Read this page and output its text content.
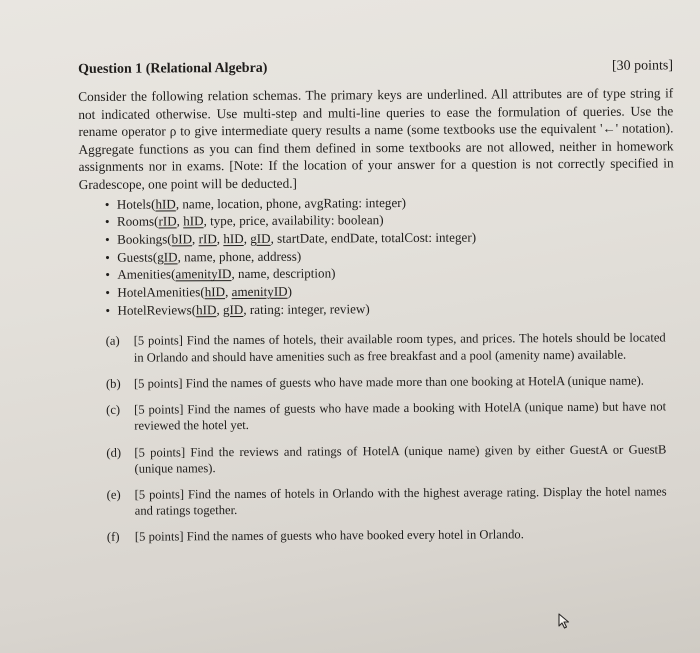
Question 1 (Relational Algebra)	[30 points]

Consider the following relation schemas. The primary keys are underlined. All attributes are of type string if not indicated otherwise. Use multi-step and multi-line queries to ease the formulation of queries. Use the rename operator ρ to give intermediate query results a name (some textbooks use the equivalent '←' notation). Aggregate functions as you can find them defined in some textbooks are not allowed, neither in homework assignments nor in exams. [Note: If the location of your answer for a question is not correctly specified in Gradescope, one point will be deducted.]

• Hotels(hID, name, location, phone, avgRating: integer)
• Rooms(rID, hID, type, price, availability: boolean)
• Bookings(bID, rID, hID, gID, startDate, endDate, totalCost: integer)
• Guests(gID, name, phone, address)
• Amenities(amenityID, name, description)
• HotelAmenities(hID, amenityID)
• HotelReviews(hID, gID, rating: integer, review)
(a)	[5 points] Find the names of hotels, their available room types, and prices. The hotels should be located in Orlando and should have amenities such as free breakfast and a pool (amenity name) available.
(b)	[5 points] Find the names of guests who have made more than one booking at HotelA (unique name).
(c)	[5 points] Find the names of guests who have made a booking with HotelA (unique name) but have not reviewed the hotel yet.
(d)	[5 points] Find the reviews and ratings of HotelA (unique name) given by either GuestA or GuestB (unique names).
(e)	[5 points] Find the names of hotels in Orlando with the highest average rating. Display the hotel names and ratings together.
(f)	[5 points] Find the names of guests who have booked every hotel in Orlando.
